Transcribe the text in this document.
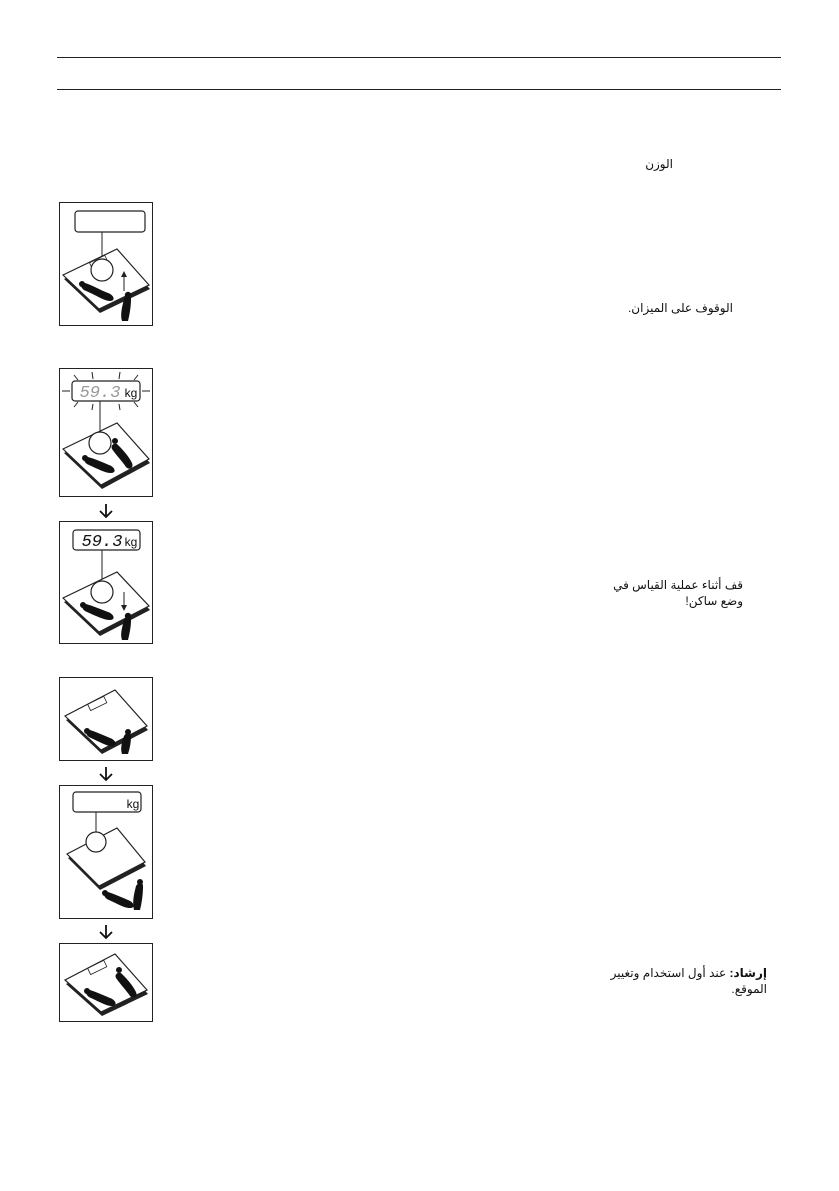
الوزن
الوقوف على الميزان.
قف أثناء عملية القياس في
وضع ساكن!
إرشاد: عند أول استخدام وتغيير
الموقع.
59.3 kg
59.3 kg
kg
